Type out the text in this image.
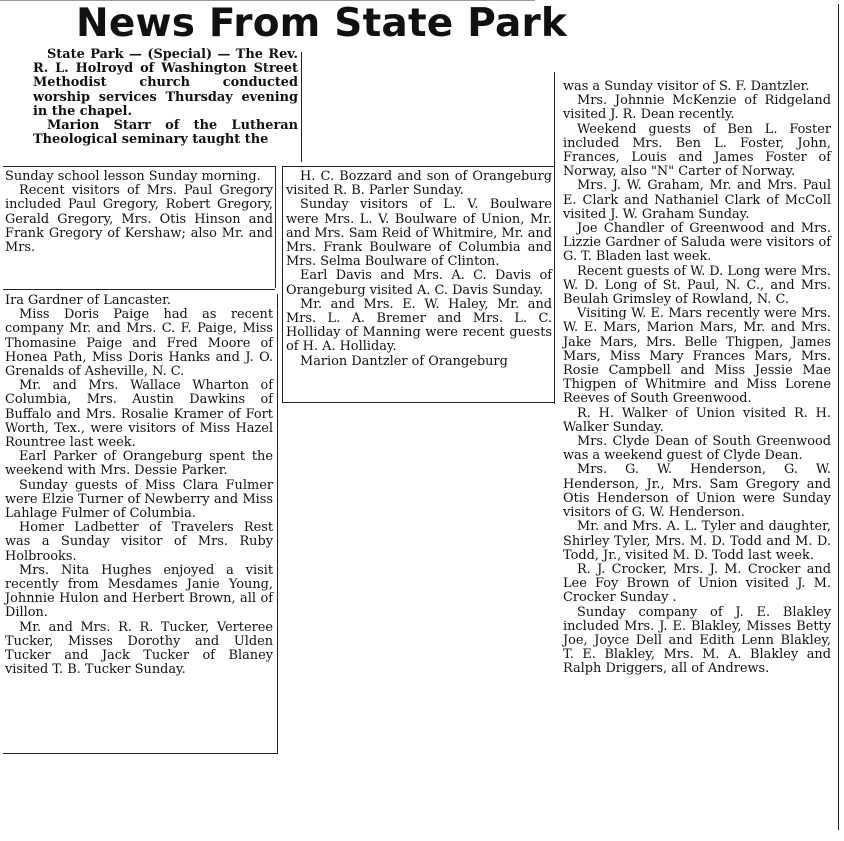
News From State Park

State Park — (Special) — The Rev. R. L. Holroyd of Washington Street Methodist church conducted worship services Thursday evening in the chapel.

Marion Starr of the Lutheran Theological seminary taught the

Sunday school lesson Sunday morning.

Recent visitors of Mrs. Paul Gregory included Paul Gregory, Robert Gregory, Gerald Gregory, Mrs. Otis Hinson and Frank Gregory of Kershaw; also Mr. and Mrs.

Ira Gardner of Lancaster.

Miss Doris Paige had as recent company Mr. and Mrs. C. F. Paige, Miss Thomasine Paige and Fred Moore of Honea Path, Miss Doris Hanks and J. O. Grenalds of Asheville, N. C.

Mr. and Mrs. Wallace Wharton of Columbia, Mrs. Austin Dawkins of Buffalo and Mrs. Rosalie Kramer of Fort Worth, Tex., were visitors of Miss Hazel Rountree last week.

Earl Parker of Orangeburg spent the weekend with Mrs. Dessie Parker.

Sunday guests of Miss Clara Fulmer were Elzie Turner of Newberry and Miss Lahlage Fulmer of Columbia.

Homer Ladbetter of Travelers Rest was a Sunday visitor of Mrs. Ruby Holbrooks.

Mrs. Nita Hughes enjoyed a visit recently from Mesdames Janie Young, Johnnie Hulon and Herbert Brown, all of Dillon.

Mr. and Mrs. R. R. Tucker, Verteree Tucker, Misses Dorothy and Ulden Tucker and Jack Tucker of Blaney visited T. B. Tucker Sunday.

H. C. Bozzard and son of Orangeburg visited R. B. Parler Sunday.

Sunday visitors of L. V. Boulware were Mrs. L. V. Boulware of Union, Mr. and Mrs. Sam Reid of Whitmire, Mr. and Mrs. Frank Boulware of Columbia and Mrs. Selma Boulware of Clinton.

Earl Davis and Mrs. A. C. Davis of Orangeburg visited A. C. Davis Sunday.

Mr. and Mrs. E. W. Haley, Mr. and Mrs. L. A. Bremer and Mrs. L. C. Holliday of Manning were recent guests of H. A. Holliday.

Marion Dantzler of Orangeburg

was a Sunday visitor of S. F. Dantzler.

Mrs. Johnnie McKenzie of Ridgeland visited J. R. Dean recently.

Weekend guests of Ben L. Foster included Mrs. Ben L. Foster, John, Frances, Louis and James Foster of Norway, also "N" Carter of Norway.

Mrs. J. W. Graham, Mr. and Mrs. Paul E. Clark and Nathaniel Clark of McColl visited J. W. Graham Sunday.

Joe Chandler of Greenwood and Mrs. Lizzie Gardner of Saluda were visitors of G. T. Bladen last week.

Recent guests of W. D. Long were Mrs. W. D. Long of St. Paul, N. C., and Mrs. Beulah Grimsley of Rowland, N. C.

Visiting W. E. Mars recently were Mrs. W. E. Mars, Marion Mars, Mr. and Mrs. Jake Mars, Mrs. Belle Thigpen, James Mars, Miss Mary Frances Mars, Mrs. Rosie Campbell and Miss Jessie Mae Thigpen of Whitmire and Miss Lorene Reeves of South Greenwood.

R. H. Walker of Union visited R. H. Walker Sunday.

Mrs. Clyde Dean of South Greenwood was a weekend guest of Clyde Dean.

Mrs. G. W. Henderson, G. W. Henderson, Jr., Mrs. Sam Gregory and Otis Henderson of Union were Sunday visitors of G. W. Henderson.

Mr. and Mrs. A. L. Tyler and daughter, Shirley Tyler, Mrs. M. D. Todd and M. D. Todd, Jr., visited M. D. Todd last week.

R. J. Crocker, Mrs. J. M. Crocker and Lee Foy Brown of Union visited J. M. Crocker Sunday .

Sunday company of J. E. Blakley included Mrs. J. E. Blakley, Misses Betty Joe, Joyce Dell and Edith Lenn Blakley, T. E. Blakley, Mrs. M. A. Blakley and Ralph Driggers, all of Andrews.
